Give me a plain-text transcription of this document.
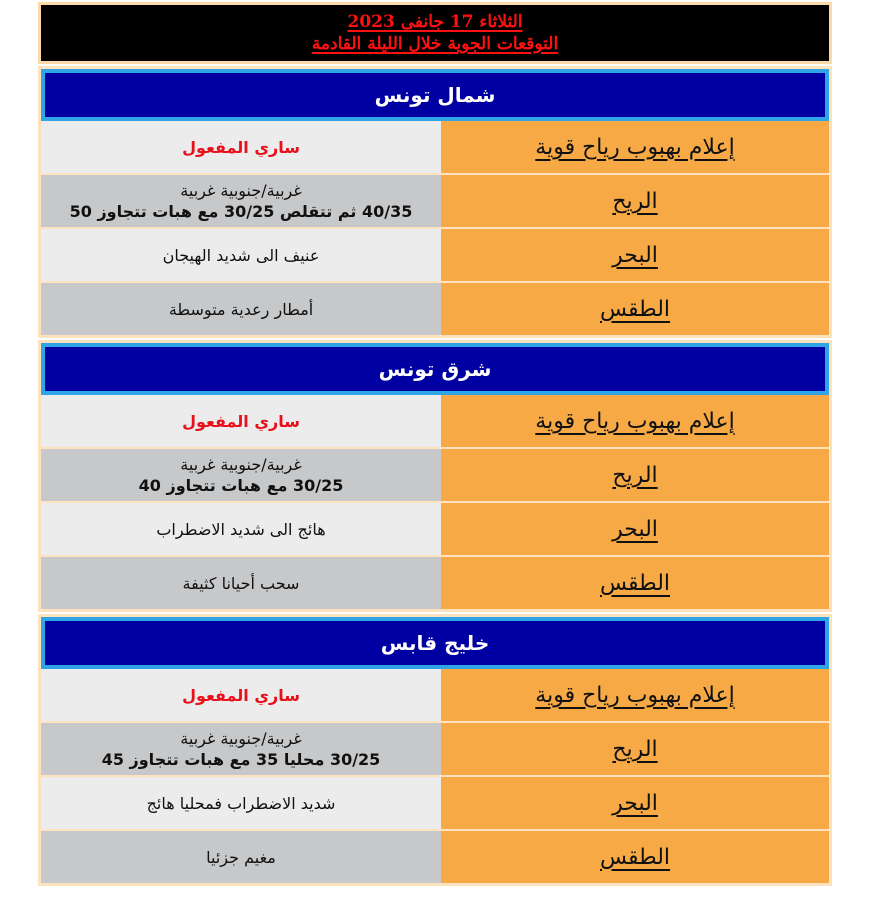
الثلاثاء 17 جانفى 2023
التوقعات الجوية خلال الليلة القادمة
شمال تونس
إعلام بهبوب رياح قوية
ساري المفعول
الريح
غربية/جنوبية غربية
40/35 ثم تتقلص 30/25 مع هبات تتجاوز 50
البحر
عنيف الى شديد الهيجان
الطقس
أمطار رعدية متوسطة
شرق تونس
إعلام بهبوب رياح قوية
ساري المفعول
الريح
غربية/جنوبية غربية
30/25 مع هبات تتجاوز 40
البحر
هائج الى شديد الاضطراب
الطقس
سحب أحيانا كثيفة
خليج قابس
إعلام بهبوب رياح قوية
ساري المفعول
الريح
غربية/جنوبية غربية
30/25 محليا 35 مع هبات تتجاوز 45
البحر
شديد الاضطراب فمحليا هائج
الطقس
مغيم جزئيا
